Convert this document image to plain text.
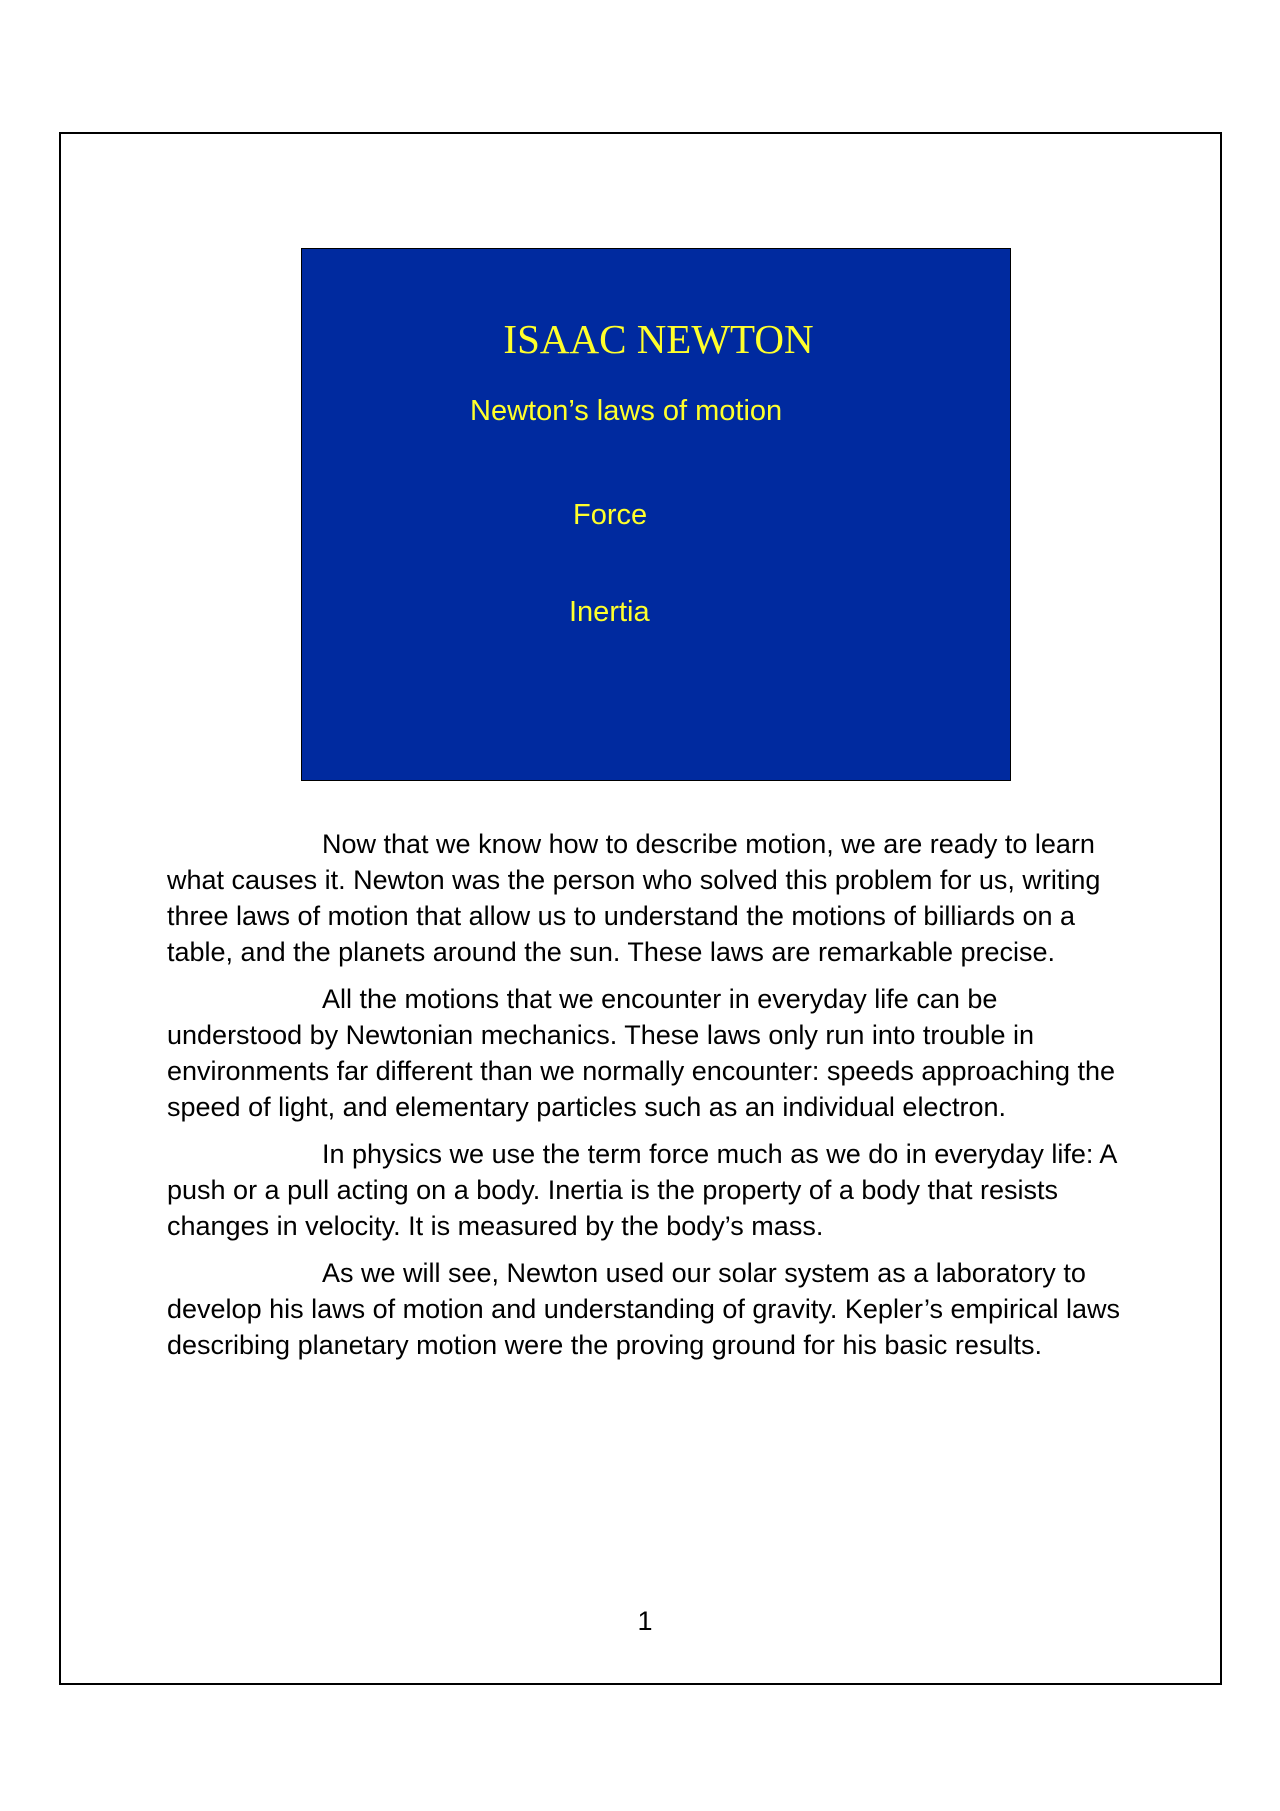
ISAAC NEWTON
Newton’s laws of motion
Force
Inertia

Now that we know how to describe motion, we are ready to learn what causes it. Newton was the person who solved this problem for us, writing three laws of motion that allow us to understand the motions of billiards on a table, and the planets around the sun. These laws are remarkable precise.

All the motions that we encounter in everyday life can be understood by Newtonian mechanics. These laws only run into trouble in environments far different than we normally encounter: speeds approaching the speed of light, and elementary particles such as an individual electron.

In physics we use the term force much as we do in everyday life: A push or a pull acting on a body. Inertia is the property of a body that resists changes in velocity. It is measured by the body’s mass.

As we will see, Newton used our solar system as a laboratory to develop his laws of motion and understanding of gravity. Kepler’s empirical laws describing planetary motion were the proving ground for his basic results.

1
